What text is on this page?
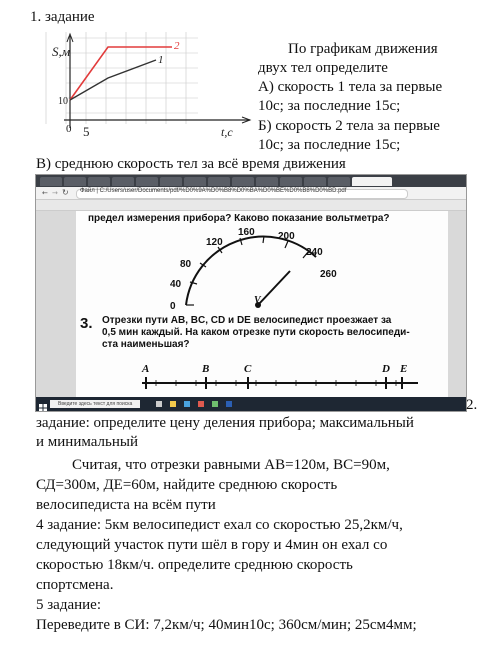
1. задание
S,м
t,с
0
10
5
2
1
По графикам движения
двух тел определите
А) скорость 1 тела за первые
10с; за последние 15с;
Б) скорость 2 тела за первые
10с; за последние 15с;
В) среднюю скорость тел за всё время движения
← → ↻ Файл | C:/Users/user/Documents/pdf/%D0%9A%D0%B8%D0%BA%D0%BE%D0%B8%D0%BD.pdf
предел измерения прибора? Каково показание вольтметра?
0
40
80
120
160 200
240
260
V
3. Отрезки пути AB, BC, CD и DE велосипедист проезжает за
0,5 мин каждый. На каком отрезке пути скорость велосипеди-
ста наименьшая?
A	B	C	D E
Введите здесь текст для поиска	2.
задание: определите цену деления прибора; максимальный
и минимальный
Считая, что отрезки равными АВ=120м, ВС=90м,
СД=300м, ДЕ=60м, найдите среднюю скорость
велосипедиста на всём пути
4 задание: 5км велосипедист ехал со скоростью 25,2км/ч,
следующий участок пути шёл в гору и 4мин он ехал со
скоростью 18км/ч. определите среднюю скорость
спортсмена.
5 задание:
Переведите в СИ: 7,2км/ч; 40мин10с; 360см/мин; 25см4мм;
